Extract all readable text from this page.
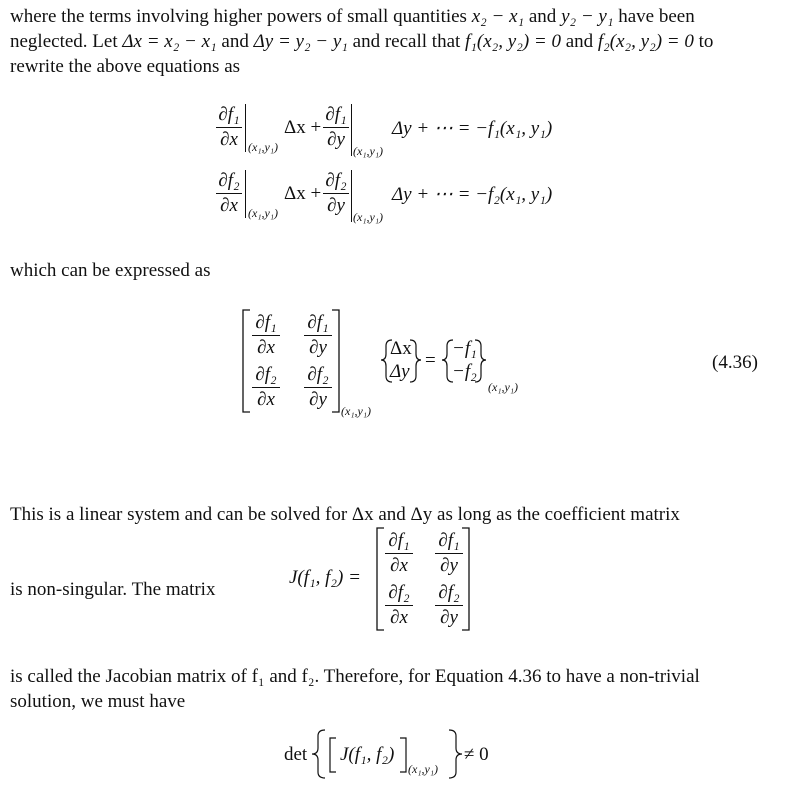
where the terms involving higher powers of small quantities x₂ − x₁ and y₂ − y₁ have been
neglected. Let Δx = x₂ − x₁ and Δy = y₂ − y₁ and recall that f₁(x₂, y₂) = 0 and f₂(x₂, y₂) = 0 to
rewrite the above equations as
∂f₁
∂x (x₁,y₁)
Δx +
∂f₁
∂y
(x₁,y₁)
Δy + ⋯ = −f₁(x₁, y₁)
∂f₂
∂x (x₁,y₁)
Δx +
∂f₂
∂y
(x₁,y₁)
Δy + ⋯ = −f₂(x₁, y₁)
which can be expressed as
∂f₁
∂x
∂f₁
∂y
∂f₂
∂x
∂f₂
∂y
(x₁,y₁)
Δx
Δy
=
−f₁
−f₂
(x₁,y₁)
(4.36)

This is a linear system and can be solved for Δx and Δy as long as the coefficient matrix

is non-singular. The matrix

J(f₁, f₂) =
∂f₁
∂x
∂f₁
∂y
∂f₂
∂x
∂f₂
∂y
is called the Jacobian matrix of f₁ and f₂. Therefore, for Equation 4.36 to have a non-trivial
solution, we must have
det J(f₁, f₂)
(x₁,y₁)
≠ 0
